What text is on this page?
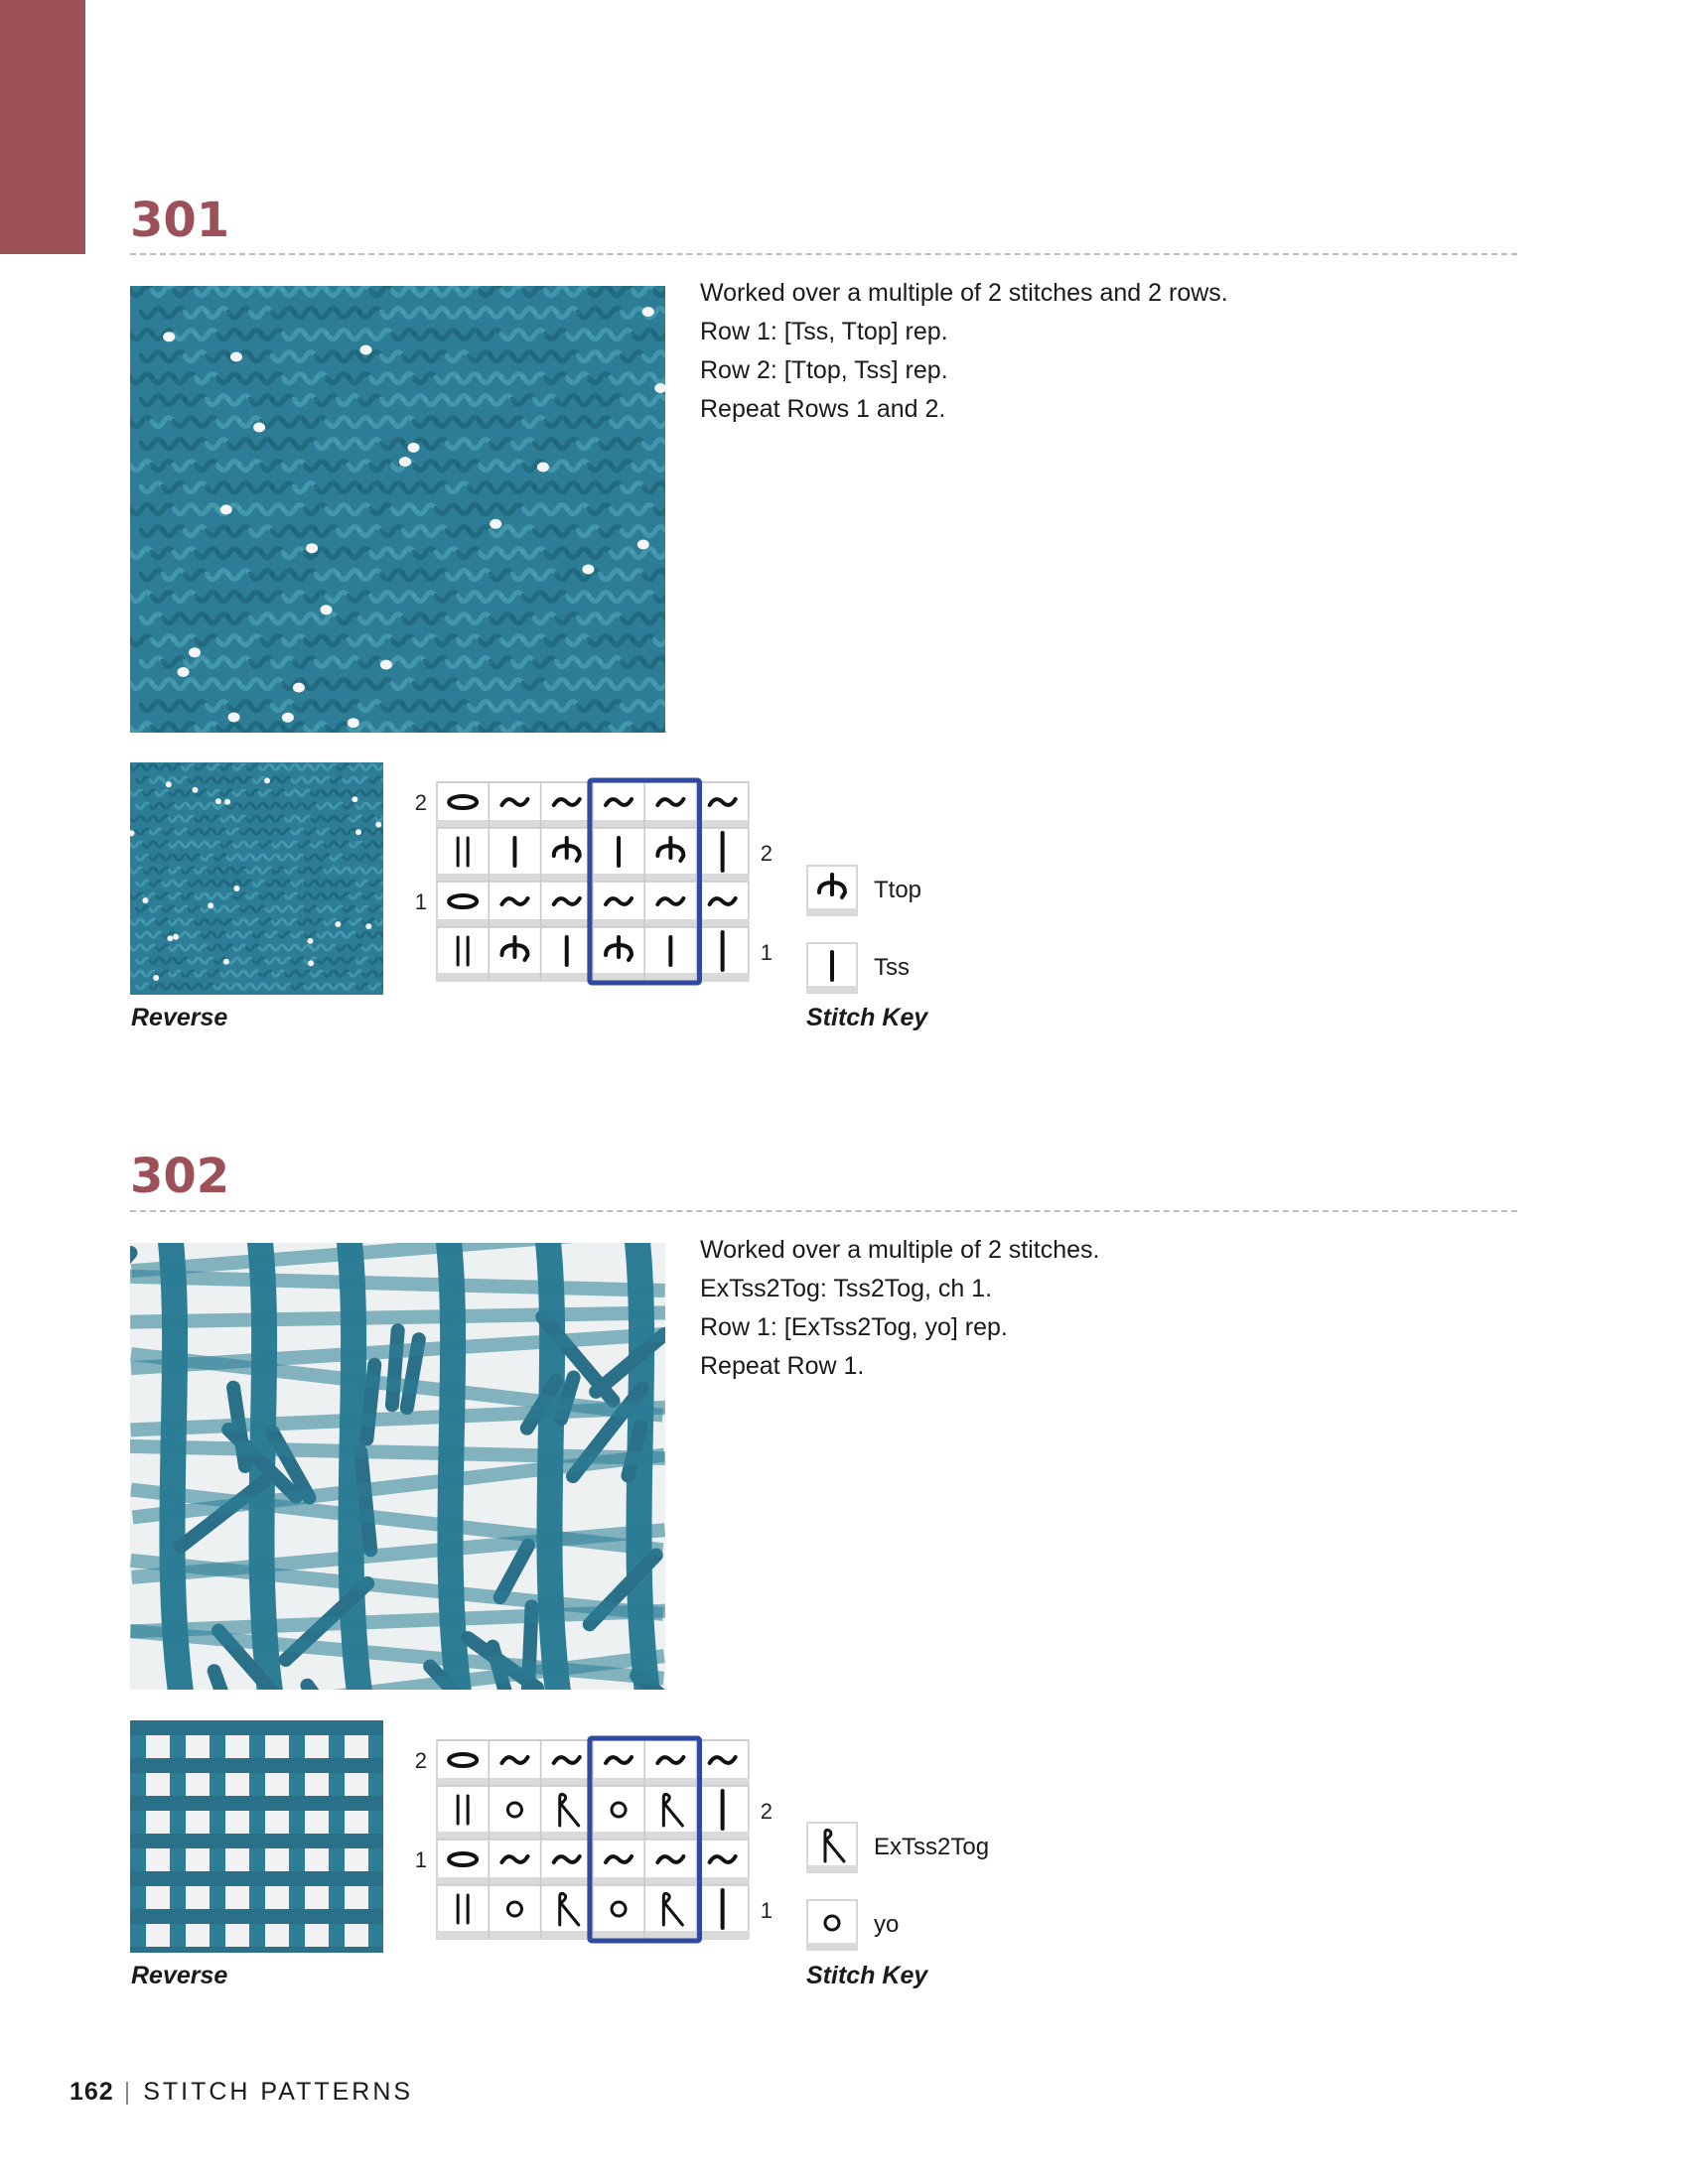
301

Worked over a multiple of 2 stitches and 2 rows.

Row 1: [Tss, Ttop] rep.

Row 2: [Ttop, Tss] rep.

Repeat Rows 1 and 2.

Reverse
2
1
2
1
Ttop
Tss
Stitch Key
302

Worked over a multiple of 2 stitches.

ExTss2Tog: Tss2Tog, ch 1.

Row 1: [ExTss2Tog, yo] rep.

Repeat Row 1.

Reverse
2
1
2
1
ExTss2Tog
yo
Stitch Key
162 | STITCH PATTERNS
